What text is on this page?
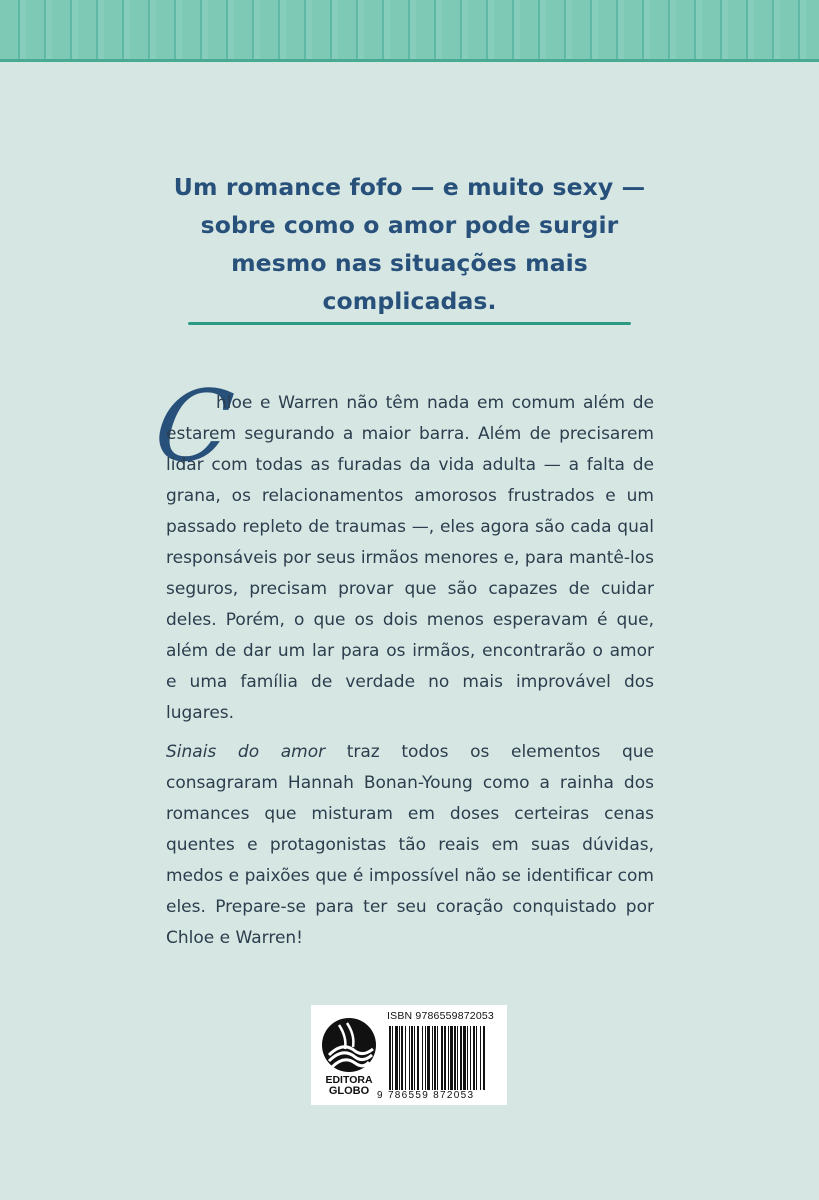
Um romance fofo — e muito sexy — sobre como o amor pode surgir mesmo nas situações mais complicadas.

C

hloe e Warren não têm nada em comum além de estarem segurando a maior barra. Além de precisarem lidar com todas as furadas da vida adulta — a falta de grana, os relacionamentos amorosos frustrados e um passado repleto de traumas —, eles agora são cada qual responsáveis por seus irmãos menores e, para mantê-los seguros, precisam provar que são capazes de cuidar deles. Porém, o que os dois menos esperavam é que, além de dar um lar para os irmãos, encontrarão o amor e uma família de verdade no mais improvável dos lugares.

Sinais do amor traz todos os elementos que consagraram Hannah Bonan-Young como a rainha dos romances que misturam em doses certeiras cenas quentes e protagonistas tão reais em suas dúvidas, medos e paixões que é impossível não se identificar com eles. Prepare-se para ter seu coração conquistado por Chloe e Warren!

EDITORA
GLOBO
ISBN 9786559872053
9 786559 872053
